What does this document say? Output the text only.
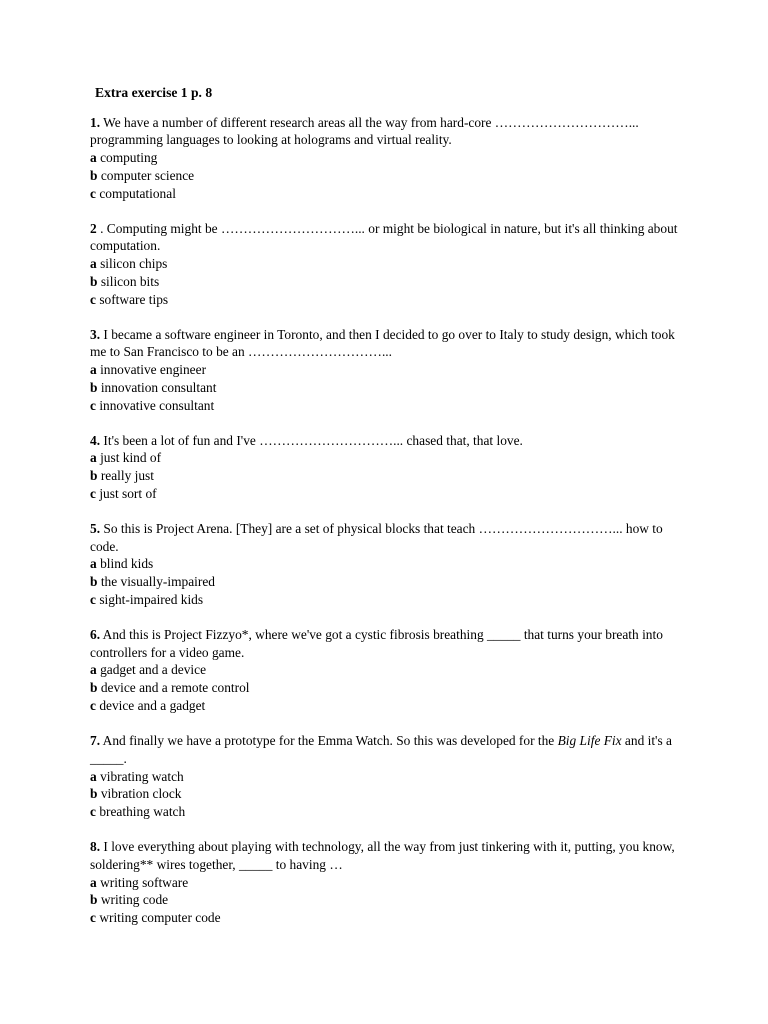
Extra exercise 1 p. 8

1. We have a number of different research areas all the way from hard-core …………………………... programming languages to looking at holograms and virtual reality.

a computing

b computer science

c computational

2 . Computing might be …………………………... or might be biological in nature, but it's all thinking about computation.

a silicon chips

b silicon bits

c software tips

3. I became a software engineer in Toronto, and then I decided to go over to Italy to study design, which took me to San Francisco to be an …………………………...

a innovative engineer

b innovation consultant

c innovative consultant

4. It's been a lot of fun and I've …………………………... chased that, that love.

a just kind of

b really just

c just sort of

5. So this is Project Arena. [They] are a set of physical blocks that teach …………………………... how to code.

a blind kids

b the visually-impaired

c sight-impaired kids

6. And this is Project Fizzyo*, where we've got a cystic fibrosis breathing _____ that turns your breath into controllers for a video game.

a gadget and a device

b device and a remote control

c device and a gadget

7. And finally we have a prototype for the Emma Watch. So this was developed for the Big Life Fix and it's a _____.

a vibrating watch

b vibration clock

c breathing watch

8. I love everything about playing with technology, all the way from just tinkering with it, putting, you know, soldering** wires together, _____ to having …

a writing software

b writing code

c writing computer code
